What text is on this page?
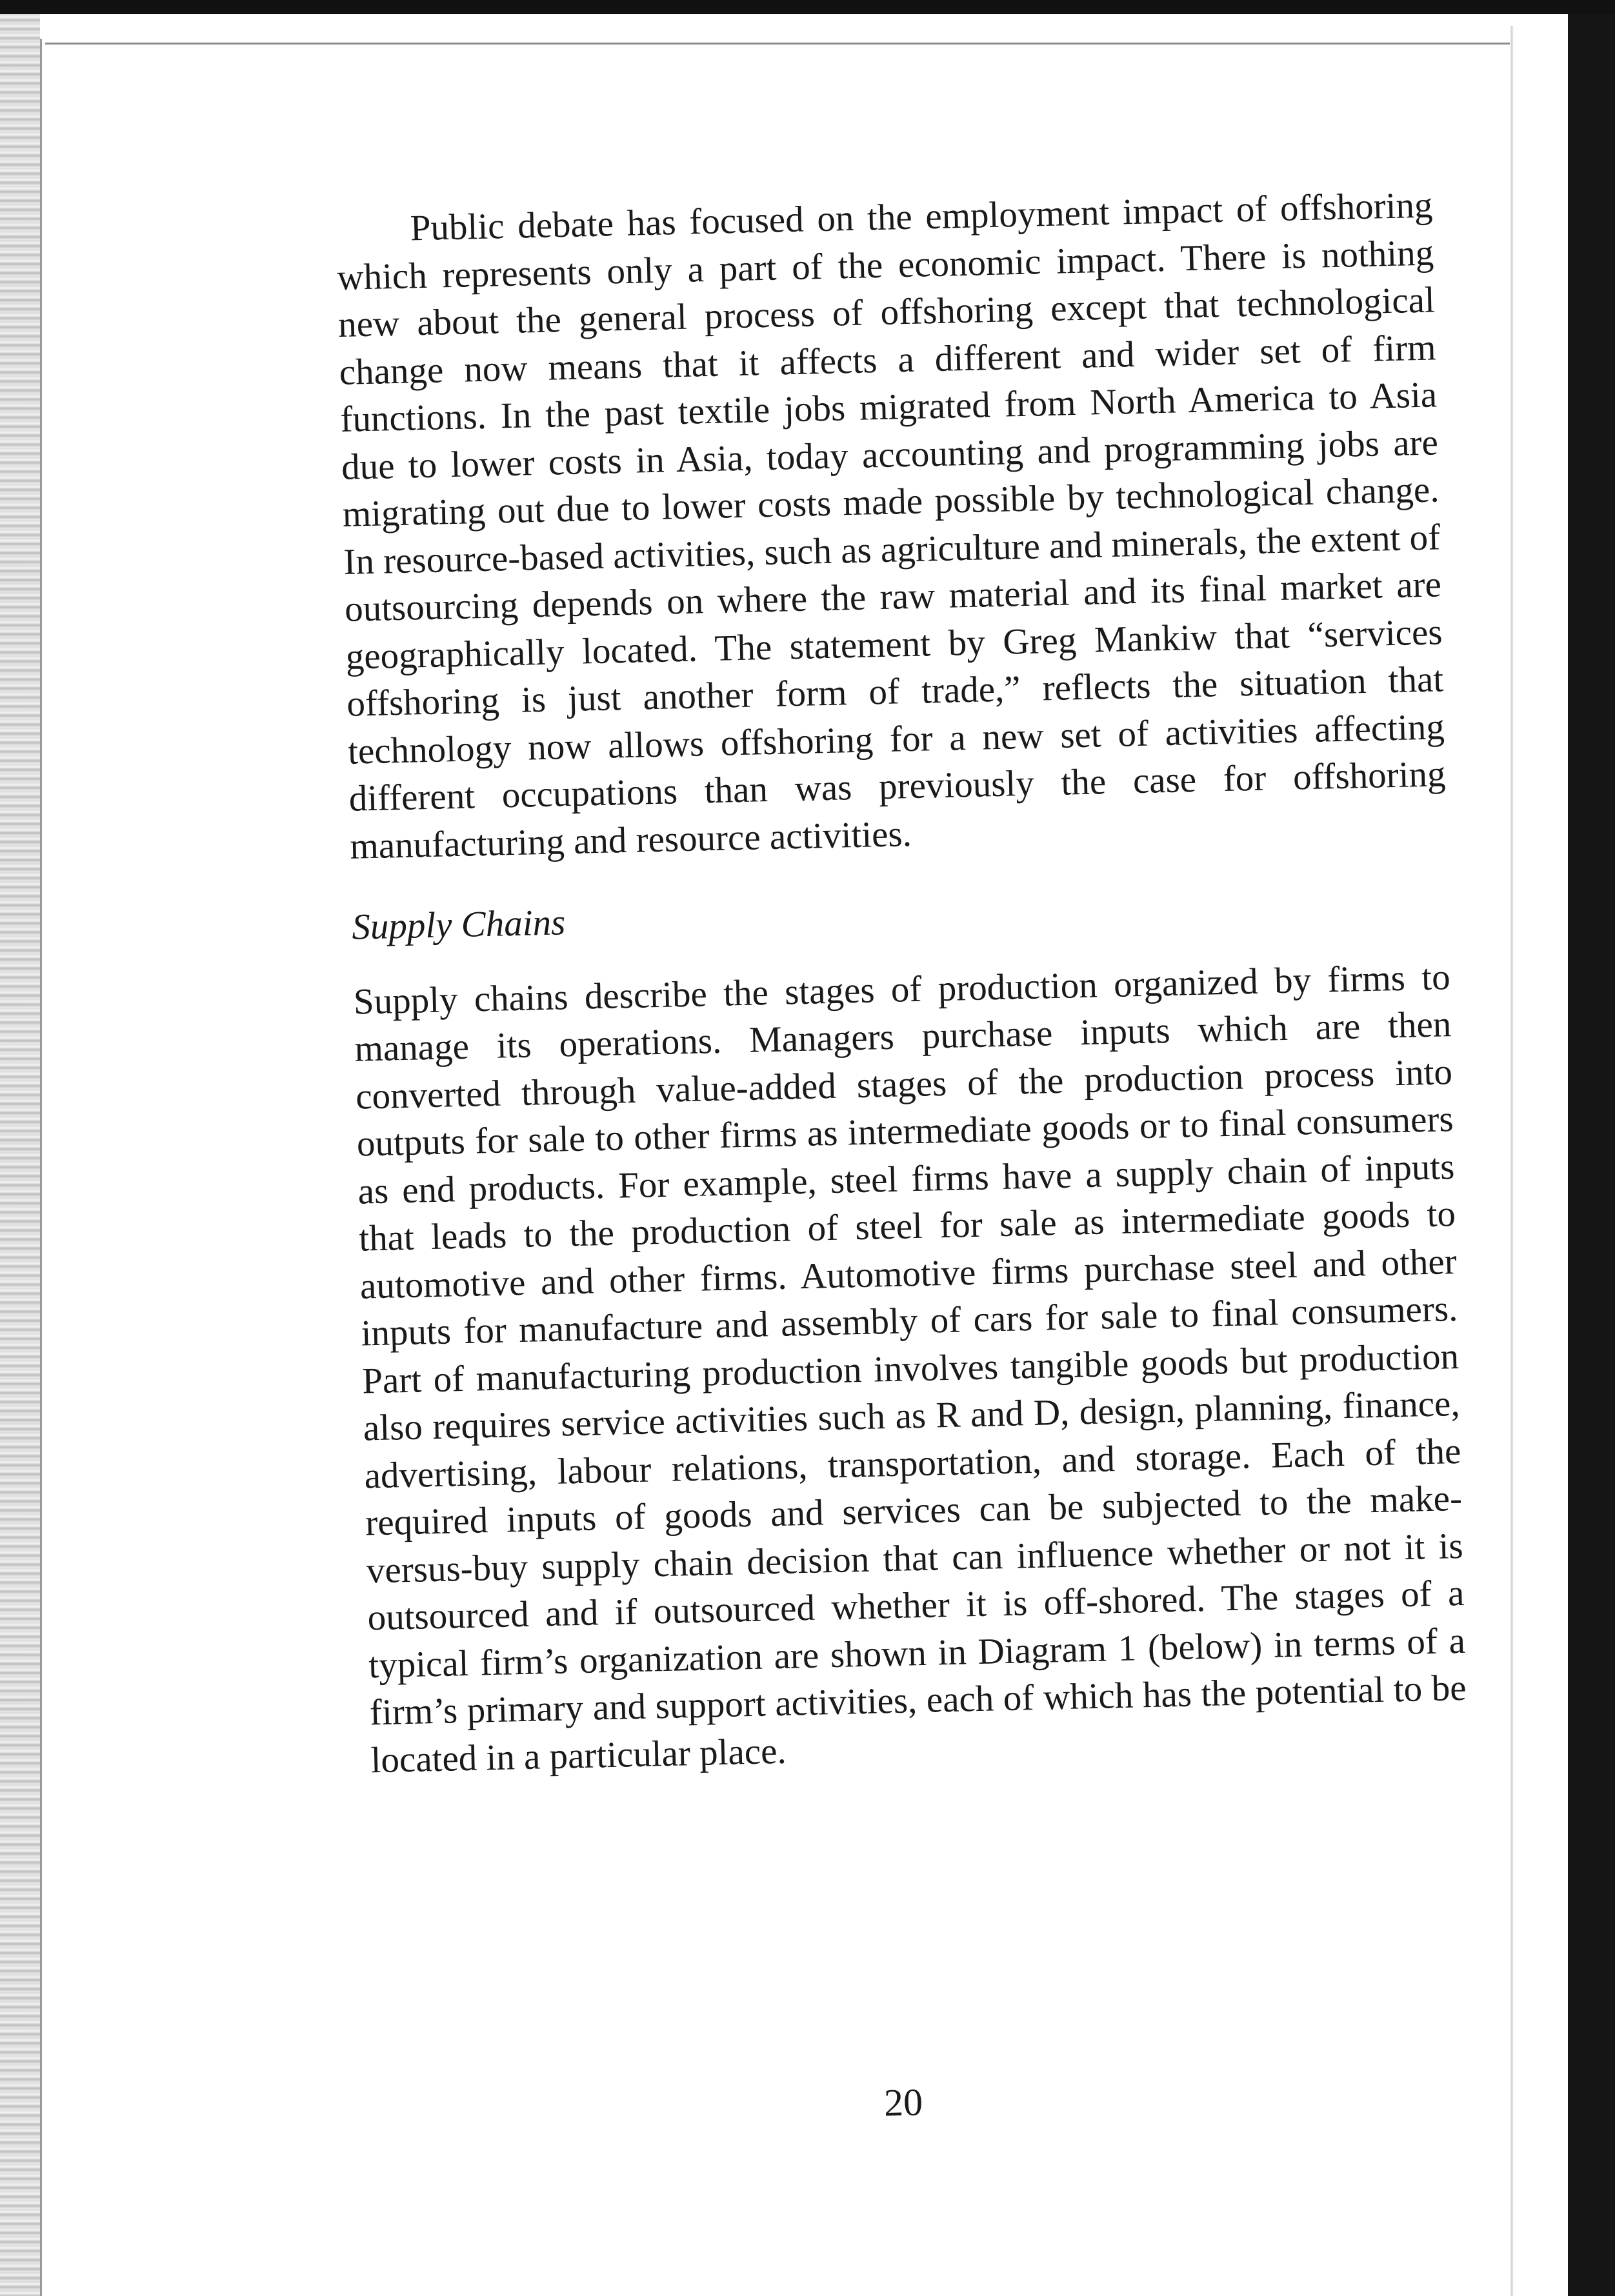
Public debate has focused on the employment impact of offshoring which represents only a part of the economic impact. There is nothing new about the general process of offshoring except that technological change now means that it affects a different and wider set of firm functions. In the past textile jobs migrated from North America to Asia due to lower costs in Asia, today accounting and programming jobs are migrating out due to lower costs made possible by technological change. In resource-based activities, such as agriculture and minerals, the extent of outsourcing depends on where the raw material and its final market are geographically located. The statement by Greg Mankiw that “services offshoring is just another form of trade,” reflects the situation that technology now allows offshoring for a new set of activities affecting different occupations than was previously the case for offshoring manufacturing and resource activities.

Supply Chains

Supply chains describe the stages of production organized by firms to manage its operations. Managers purchase inputs which are then converted through value-added stages of the production process into outputs for sale to other firms as intermediate goods or to final consumers as end products. For example, steel firms have a supply chain of inputs that leads to the production of steel for sale as intermediate goods to automotive and other firms. Automotive firms purchase steel and other inputs for manufacture and assembly of cars for sale to final consumers. Part of manufacturing production involves tangible goods but production also requires service activities such as R and D, design, planning, finance, advertising, labour relations, transportation, and storage. Each of the required inputs of goods and services can be subjected to the make-versus-buy supply chain decision that can influence whether or not it is outsourced and if outsourced whether it is off-shored. The stages of a typical firm’s organization are shown in Diagram 1 (below) in terms of a firm’s primary and support activities, each of which has the potential to be located in a particular place.

20
